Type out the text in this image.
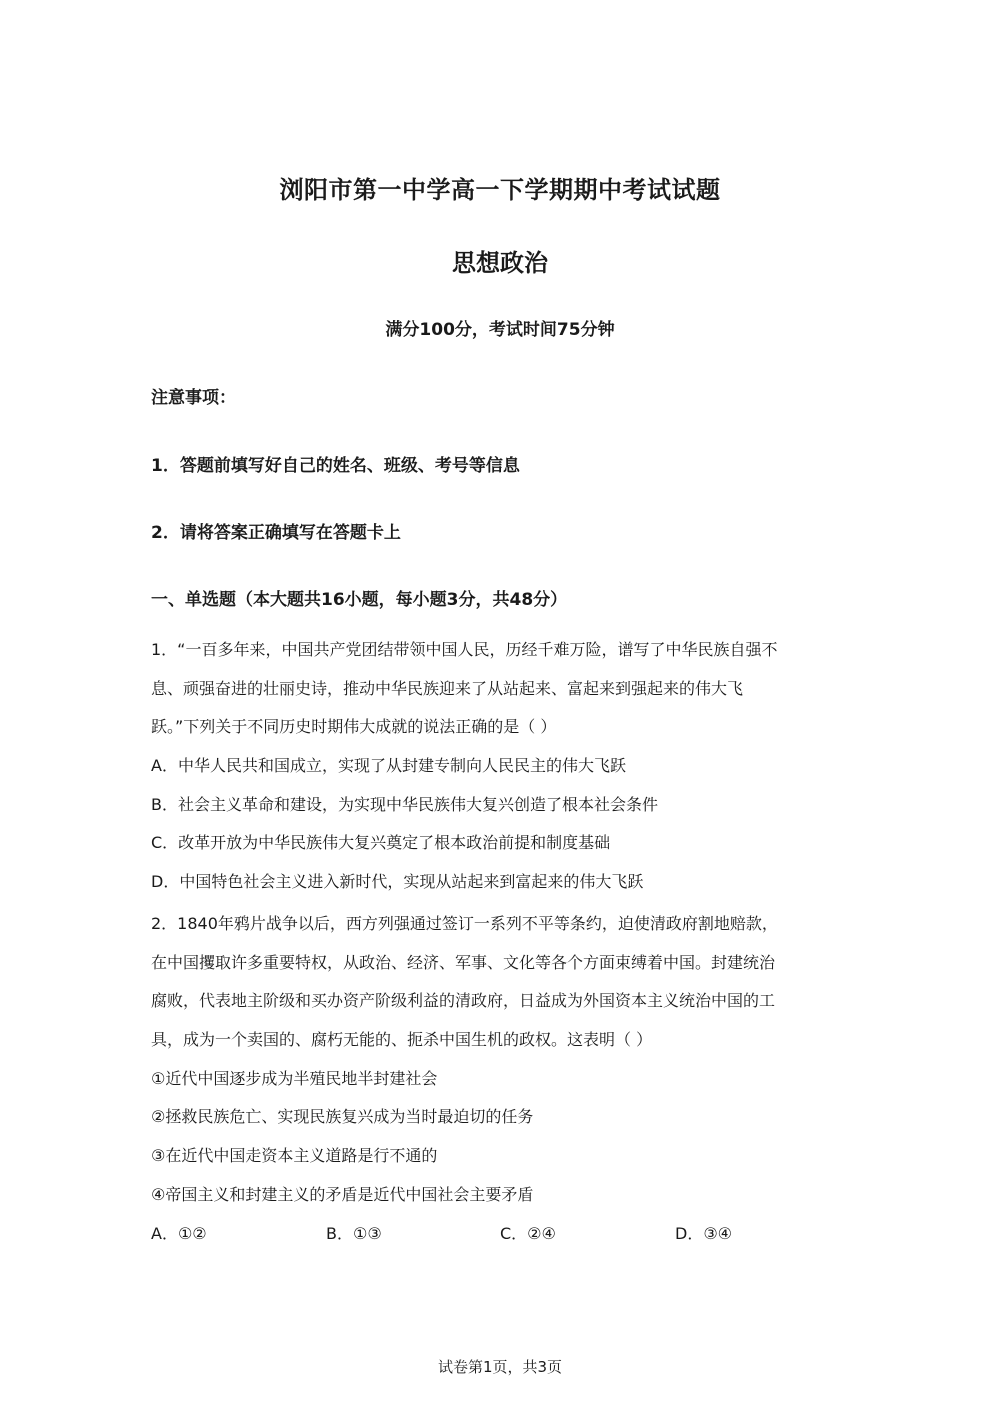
浏阳市第一中学高一下学期期中考试试题
思想政治
满分100分，考试时间75分钟
注意事项：
1．答题前填写好自己的姓名、班级、考号等信息
2．请将答案正确填写在答题卡上
一、单选题（本大题共16小题，每小题3分，共48分）
1．“一百多年来，中国共产党团结带领中国人民，历经千难万险，谱写了中华民族自强不
息、顽强奋进的壮丽史诗，推动中华民族迎来了从站起来、富起来到强起来的伟大飞
跃。”下列关于不同历史时期伟大成就的说法正确的是（ ）
A．中华人民共和国成立，实现了从封建专制向人民民主的伟大飞跃
B．社会主义革命和建设，为实现中华民族伟大复兴创造了根本社会条件
C．改革开放为中华民族伟大复兴奠定了根本政治前提和制度基础
D．中国特色社会主义进入新时代，实现从站起来到富起来的伟大飞跃
2．1840年鸦片战争以后，西方列强通过签订一系列不平等条约，迫使清政府割地赔款，
在中国攫取许多重要特权，从政治、经济、军事、文化等各个方面束缚着中国。封建统治
腐败，代表地主阶级和买办资产阶级利益的清政府，日益成为外国资本主义统治中国的工
具，成为一个卖国的、腐朽无能的、扼杀中国生机的政权。这表明（ ）
①近代中国逐步成为半殖民地半封建社会
②拯救民族危亡、实现民族复兴成为当时最迫切的任务
③在近代中国走资本主义道路是行不通的
④帝国主义和封建主义的矛盾是近代中国社会主要矛盾
A．①②	B．①③	C．②④	D．③④
试卷第1页，共3页
